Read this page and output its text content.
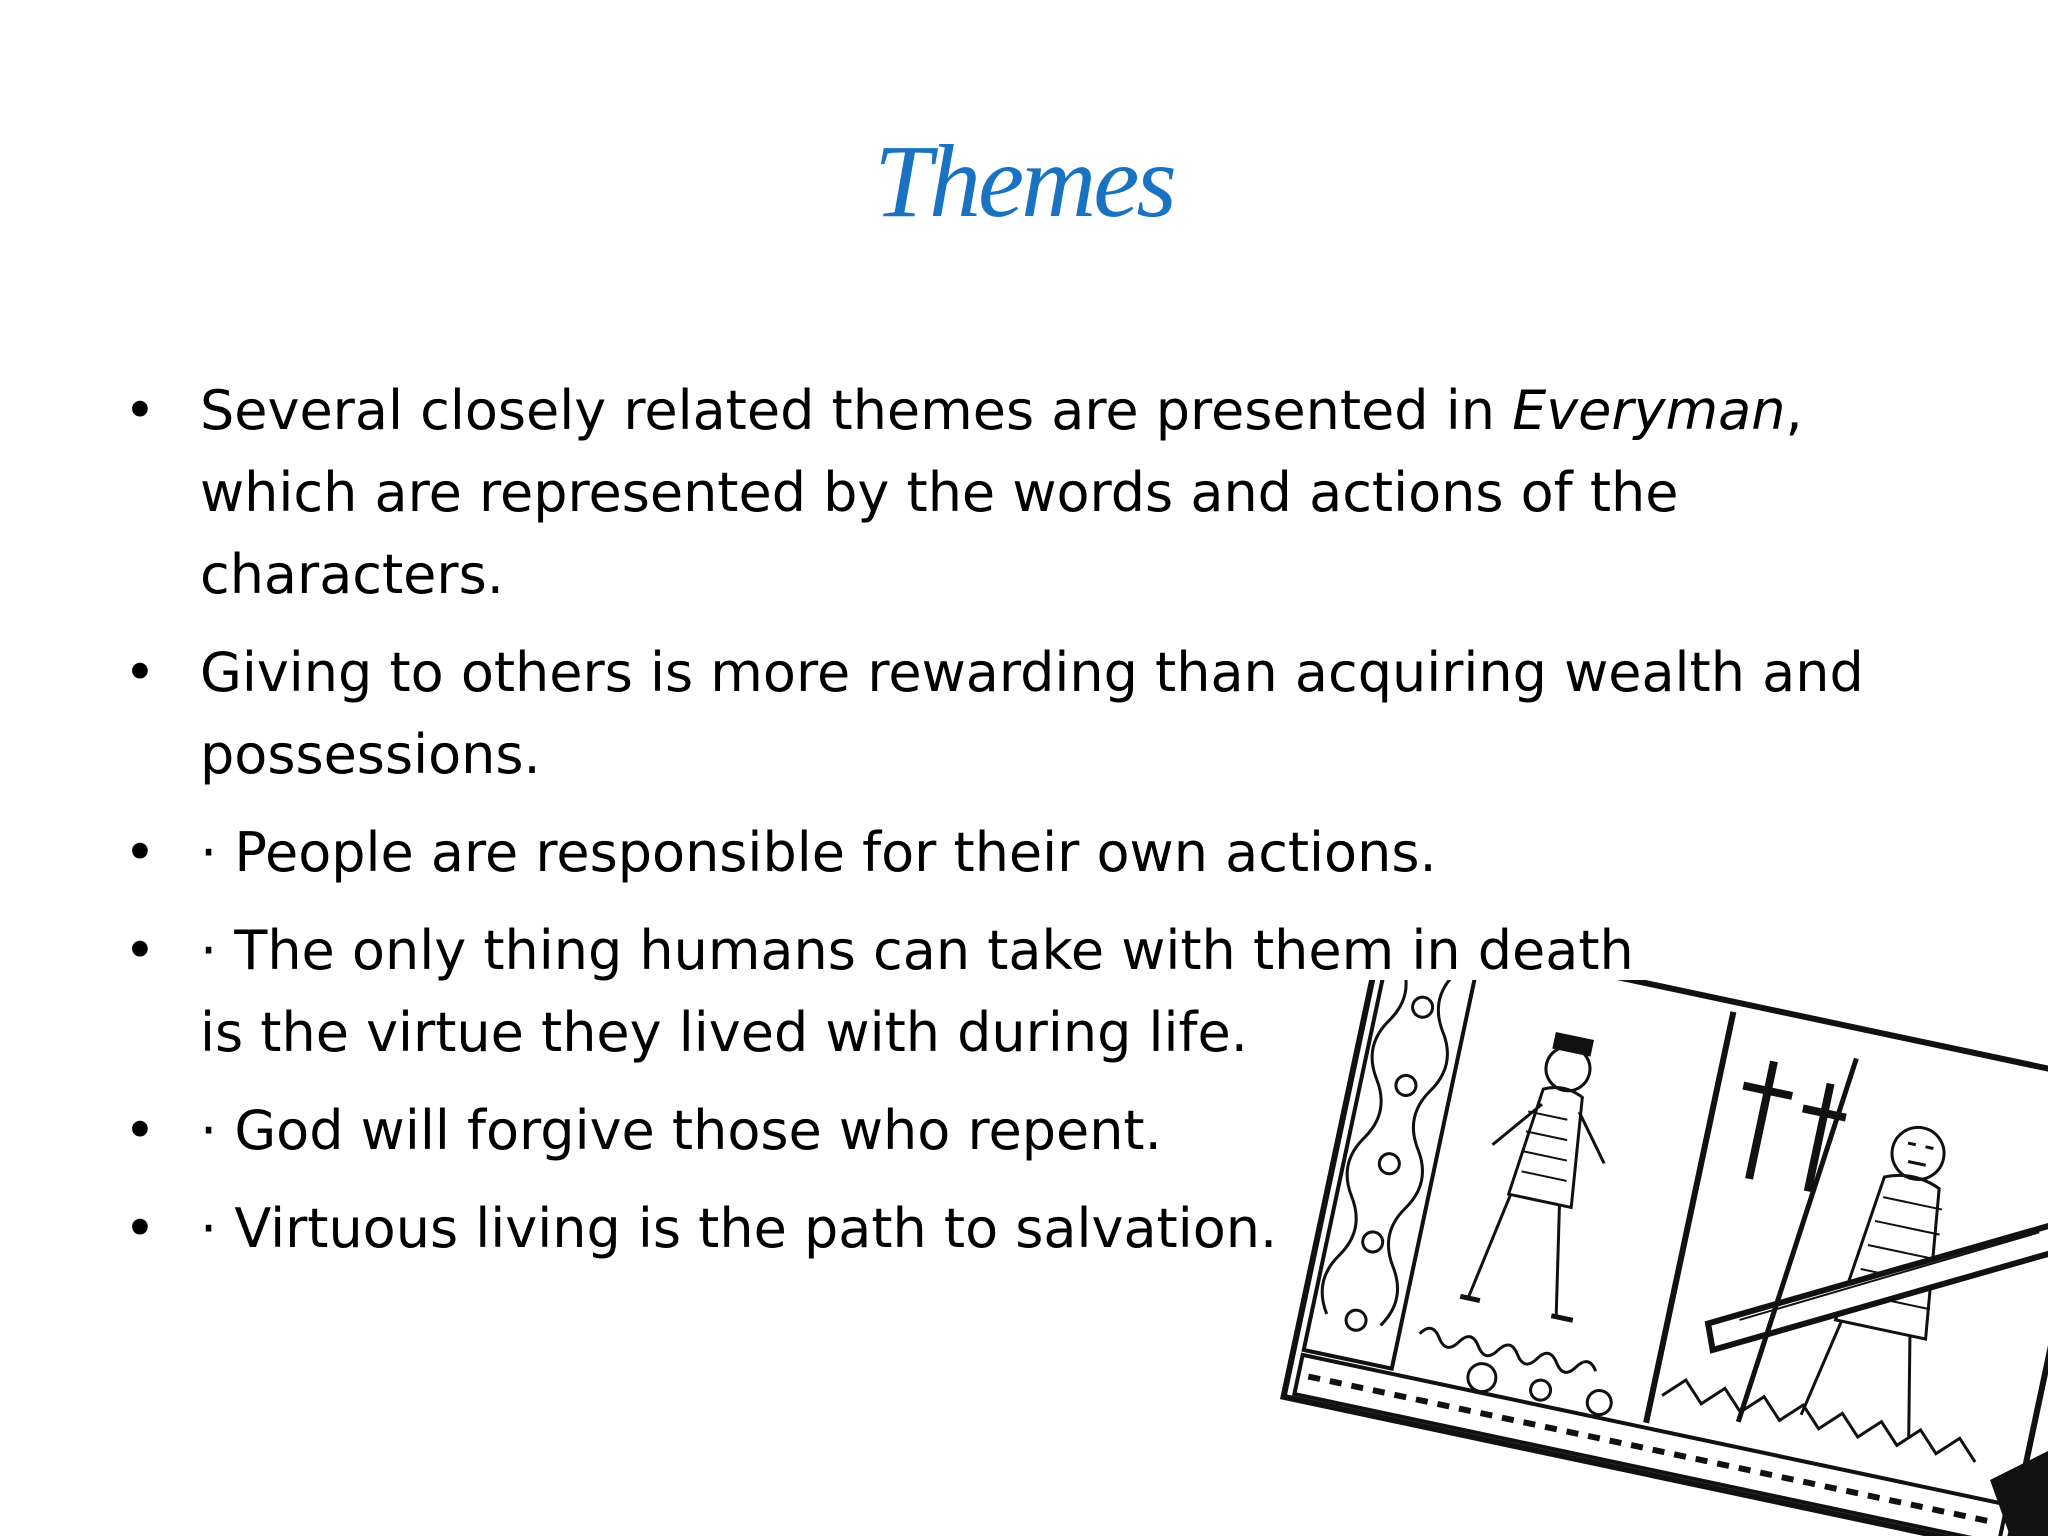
Themes
• Several closely related themes are presented in Everyman, which are represented by the words and actions of the characters.
• Giving to others is more rewarding than acquiring wealth and possessions.
• · People are responsible for their own actions.
• · The only thing humans can take with them in death is the virtue they lived with during life.
• · God will forgive those who repent.
• · Virtuous living is the path to salvation.
